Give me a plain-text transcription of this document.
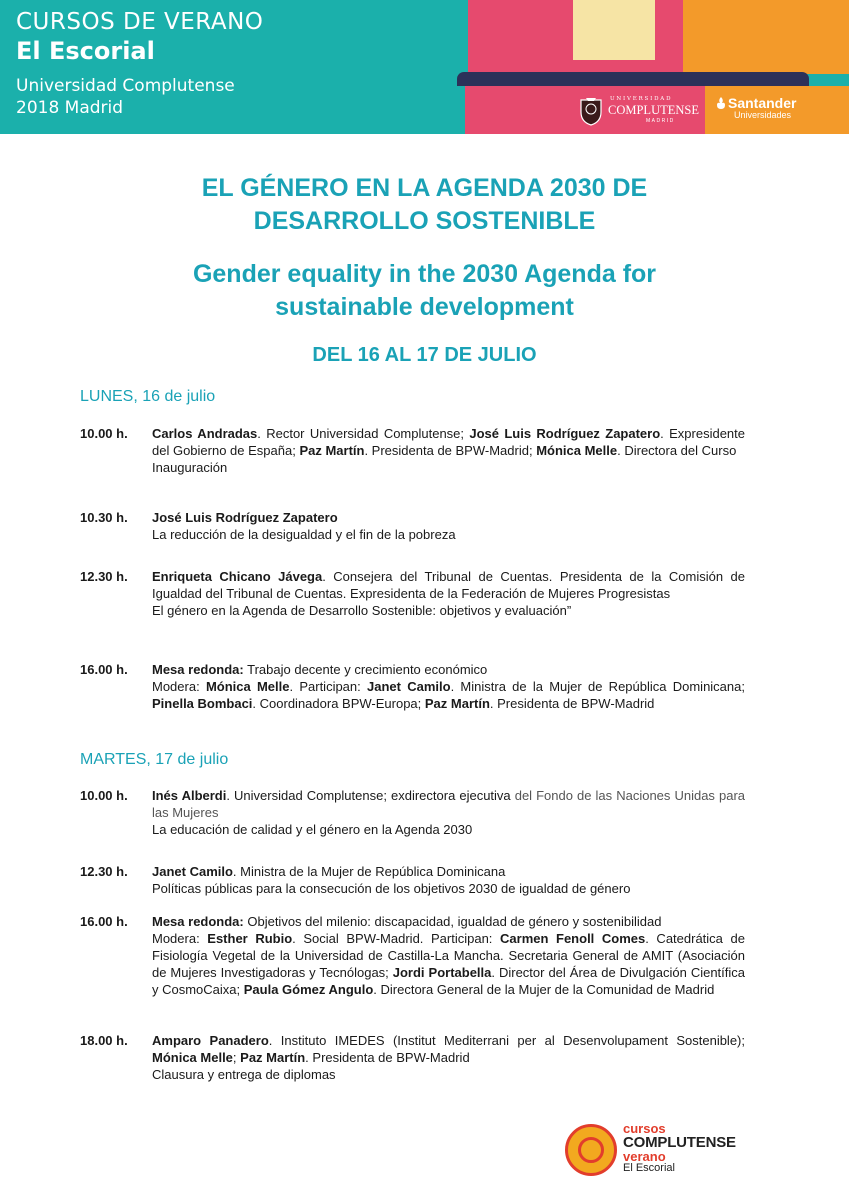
CURSOS DE VERANO
El Escorial
Universidad Complutense
2018 Madrid	UNIVERSIDAD
COMPLUTENSE
MADRID
Santander
Universidades
EL GÉNERO EN LA AGENDA 2030 DE
DESARROLLO SOSTENIBLE
Gender equality in the 2030 Agenda for
sustainable development
DEL 16 AL 17 DE JULIO
LUNES, 16 de julio
10.00 h. Carlos Andradas. Rector Universidad Complutense; José Luis Rodríguez Zapatero. Expresidente del Gobierno de España; Paz Martín. Presidenta de BPW-Madrid; Mónica Melle. Directora del Curso
Inauguración
10.30 h. José Luis Rodríguez Zapatero
La reducción de la desigualdad y el fin de la pobreza
12.30 h. Enriqueta Chicano Jávega. Consejera del Tribunal de Cuentas. Presidenta de la Comisión de Igualdad del Tribunal de Cuentas. Expresidenta de la Federación de Mujeres Progresistas
El género en la Agenda de Desarrollo Sostenible: objetivos y evaluación”
16.00 h. Mesa redonda: Trabajo decente y crecimiento económico
Modera: Mónica Melle. Participan: Janet Camilo. Ministra de la Mujer de República Dominicana; Pinella Bombaci. Coordinadora BPW-Europa; Paz Martín. Presidenta de BPW-Madrid
MARTES, 17 de julio
10.00 h. Inés Alberdi. Universidad Complutense; exdirectora ejecutiva del Fondo de las Naciones Unidas para las Mujeres
La educación de calidad y el género en la Agenda 2030
12.30 h. Janet Camilo. Ministra de la Mujer de República Dominicana
Políticas públicas para la consecución de los objetivos 2030 de igualdad de género
16.00 h. Mesa redonda: Objetivos del milenio: discapacidad, igualdad de género y sostenibilidad
Modera: Esther Rubio. Social BPW-Madrid. Participan: Carmen Fenoll Comes. Catedrática de Fisiología Vegetal de la Universidad de Castilla-La Mancha. Secretaria General de AMIT (Asociación de Mujeres Investigadoras y Tecnólogas; Jordi Portabella. Director del Área de Divulgación Científica y CosmoCaixa; Paula Gómez Angulo. Directora General de la Mujer de la Comunidad de Madrid
18.00 h. Amparo Panadero. Instituto IMEDES (Institut Mediterrani per al Desenvolupament Sostenible); Mónica Melle; Paz Martín. Presidenta de BPW-Madrid
Clausura y entrega de diplomas
cursos
COMPLUTENSE
verano
El Escorial
